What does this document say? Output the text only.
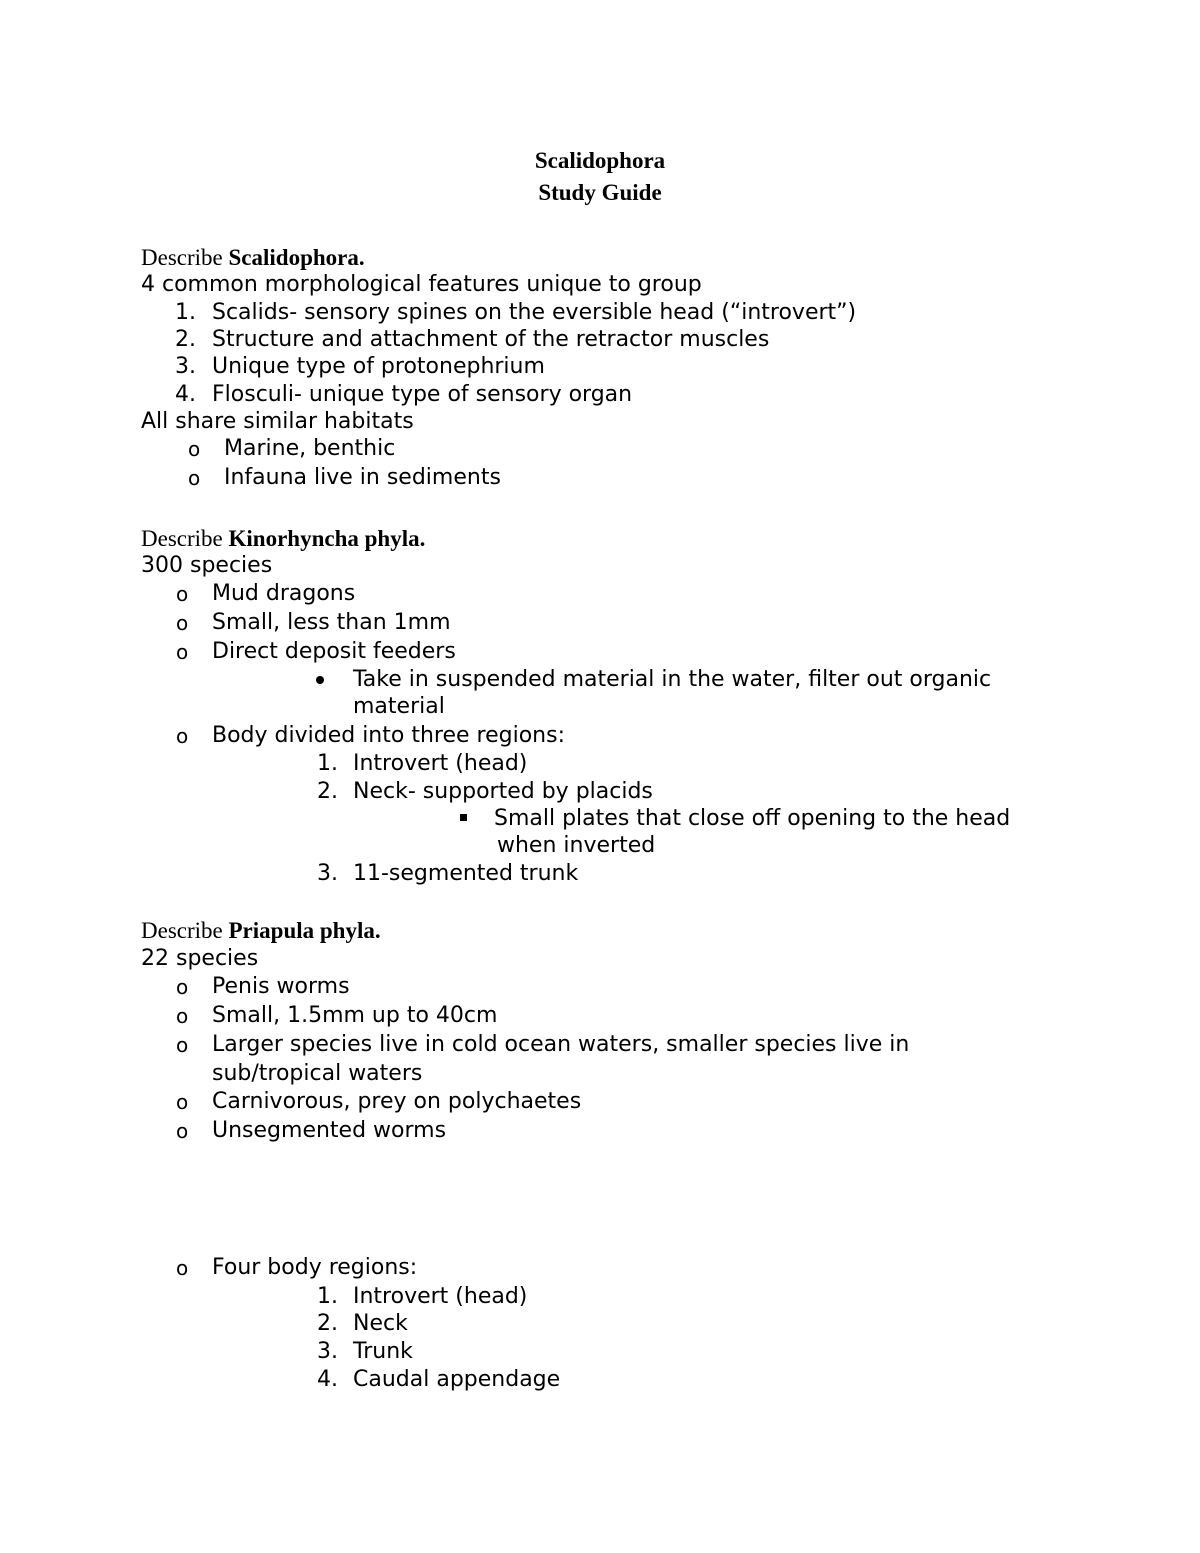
Scalidophora
Study Guide
Describe Scalidophora.
4 common morphological features unique to group
1. Scalids- sensory spines on the eversible head (“introvert”)
2. Structure and attachment of the retractor muscles
3. Unique type of protonephrium
4. Flosculi- unique type of sensory organ
All share similar habitats
o Marine, benthic
o Infauna live in sediments
Describe Kinorhyncha phyla.
300 species
o Mud dragons
o Small, less than 1mm
o Direct deposit feeders
Take in suspended material in the water, filter out organic
material
o Body divided into three regions:
1. Introvert (head)
2. Neck- supported by placids
Small plates that close off opening to the head
when inverted
3. 11-segmented trunk
Describe Priapula phyla.
22 species
o Penis worms
o Small, 1.5mm up to 40cm
o Larger species live in cold ocean waters, smaller species live in
sub/tropical waters
o Carnivorous, prey on polychaetes
o Unsegmented worms
o Four body regions:
1. Introvert (head)
2. Neck
3. Trunk
4. Caudal appendage
